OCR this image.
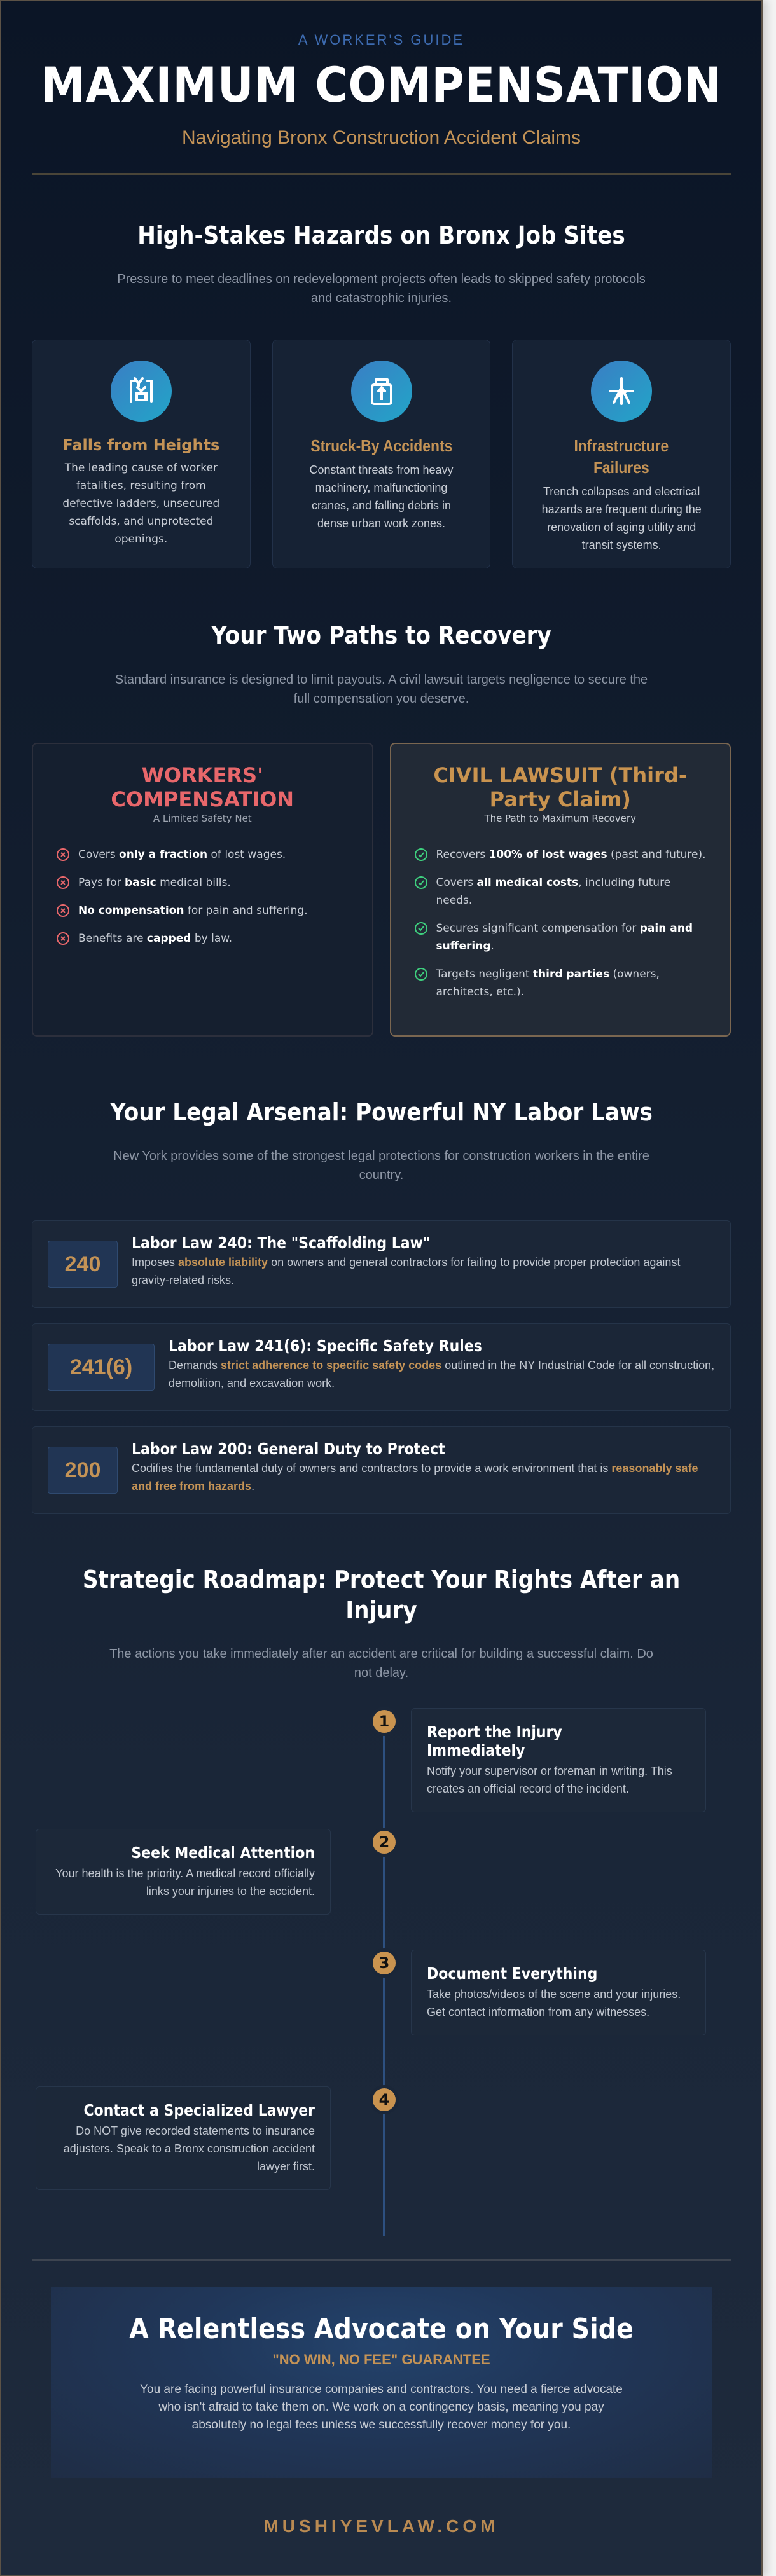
A WORKER'S GUIDE
MAXIMUM COMPENSATION
Navigating Bronx Construction Accident Claims
High-Stakes Hazards on Bronx Job Sites

Pressure to meet deadlines on redevelopment projects often leads to skipped safety protocols and catastrophic injuries.

Falls from Heights

The leading cause of worker fatalities, resulting from defective ladders, unsecured scaffolds, and unprotected openings.

Struck-By Accidents

Constant threats from heavy machinery, malfunctioning cranes, and falling debris in dense urban work zones.

Infrastructure Failures

Trench collapses and electrical hazards are frequent during the renovation of aging utility and transit systems.

Your Two Paths to Recovery

Standard insurance is designed to limit payouts. A civil lawsuit targets negligence to secure the full compensation you deserve.

WORKERS' COMPENSATION
A Limited Safety Net
Covers only a fraction of lost wages.
Pays for basic medical bills.
No compensation for pain and suffering.
Benefits are capped by law.
CIVIL LAWSUIT (Third-Party Claim)
The Path to Maximum Recovery
Recovers 100% of lost wages (past and future).
Covers all medical costs, including future needs.
Secures significant compensation for pain and suffering.
Targets negligent third parties (owners, architects, etc.).
Your Legal Arsenal: Powerful NY Labor Laws

New York provides some of the strongest legal protections for construction workers in the entire country.

240
Labor Law 240: The "Scaffolding Law"
Imposes absolute liability on owners and general contractors for failing to provide proper protection against gravity-related risks.
241(6)
Labor Law 241(6): Specific Safety Rules
Demands strict adherence to specific safety codes outlined in the NY Industrial Code for all construction, demolition, and excavation work.
200
Labor Law 200: General Duty to Protect
Codifies the fundamental duty of owners and contractors to provide a work environment that is reasonably safe and free from hazards.
Strategic Roadmap: Protect Your Rights After an Injury

The actions you take immediately after an accident are critical for building a successful claim. Do not delay.

1
Report the Injury Immediately
Notify your supervisor or foreman in writing. This creates an official record of the incident.
2
Seek Medical Attention
Your health is the priority. A medical record officially links your injuries to the accident.
3
Document Everything
Take photos/videos of the scene and your injuries. Get contact information from any witnesses.
4
Contact a Specialized Lawyer
Do NOT give recorded statements to insurance adjusters. Speak to a Bronx construction accident lawyer first.
A Relentless Advocate on Your Side
"NO WIN, NO FEE" GUARANTEE

You are facing powerful insurance companies and contractors. You need a fierce advocate who isn't afraid to take them on. We work on a contingency basis, meaning you pay absolutely no legal fees unless we successfully recover money for you.

MUSHIYEVLAW.COM
